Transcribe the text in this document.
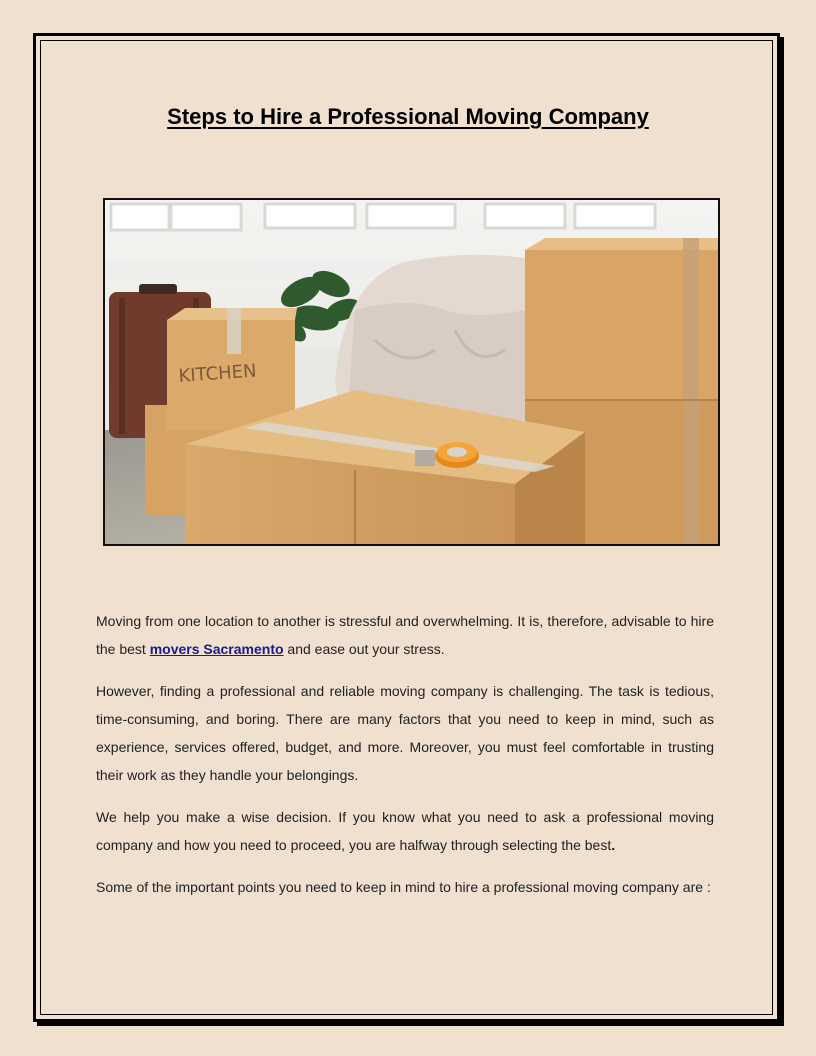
Steps to Hire a Professional Moving Company
KITCHEN

Moving from one location to another is stressful and overwhelming. It is, therefore, advisable to hire the best movers Sacramento and ease out your stress.

However, finding a professional and reliable moving company is challenging. The task is tedious, time-consuming, and boring. There are many factors that you need to keep in mind, such as experience, services offered, budget, and more. Moreover, you must feel comfortable in trusting their work as they handle your belongings.

We help you make a wise decision. If you know what you need to ask a professional moving company and how you need to proceed, you are halfway through selecting the best.

Some of the important points you need to keep in mind to hire a professional moving company are :
